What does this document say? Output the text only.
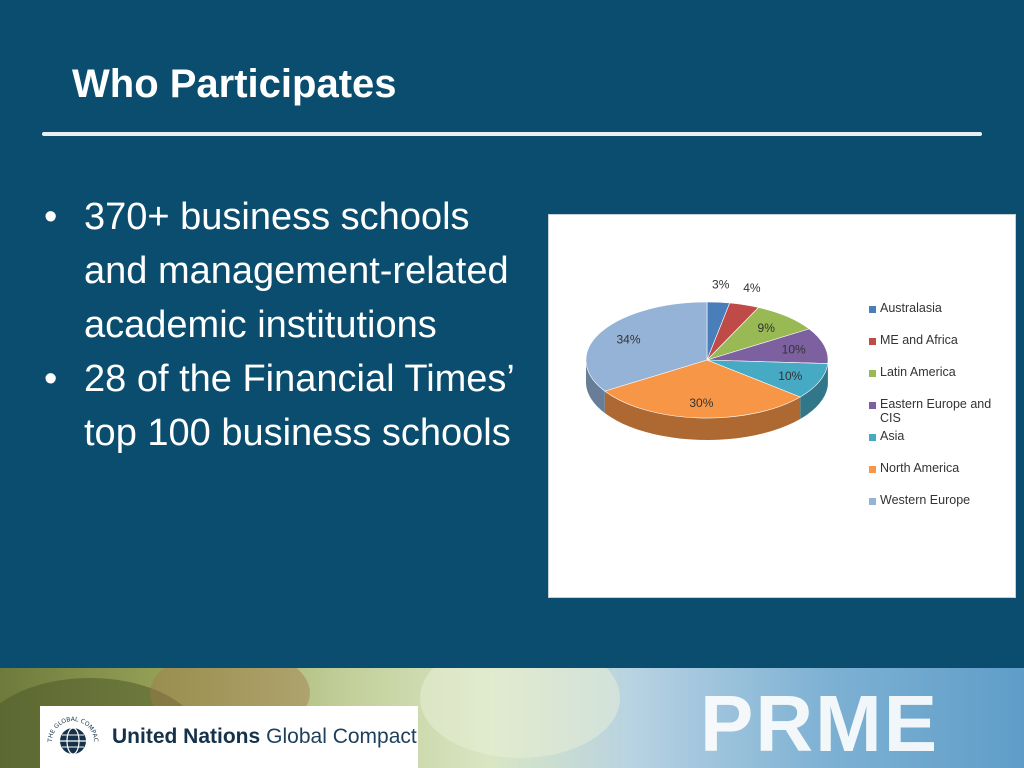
Who Participates
• 370+ business schools and management-related academic institutions
• 28 of the Financial Times’ top 100 business schools
3% 4%
9%
10%
10%
30%
34%
Australasia
ME and Africa
Latin America
Eastern Europe and CIS
Asia
North America
Western Europe
THE GLOBAL COMPAC United Nations Global Compact	PRME
